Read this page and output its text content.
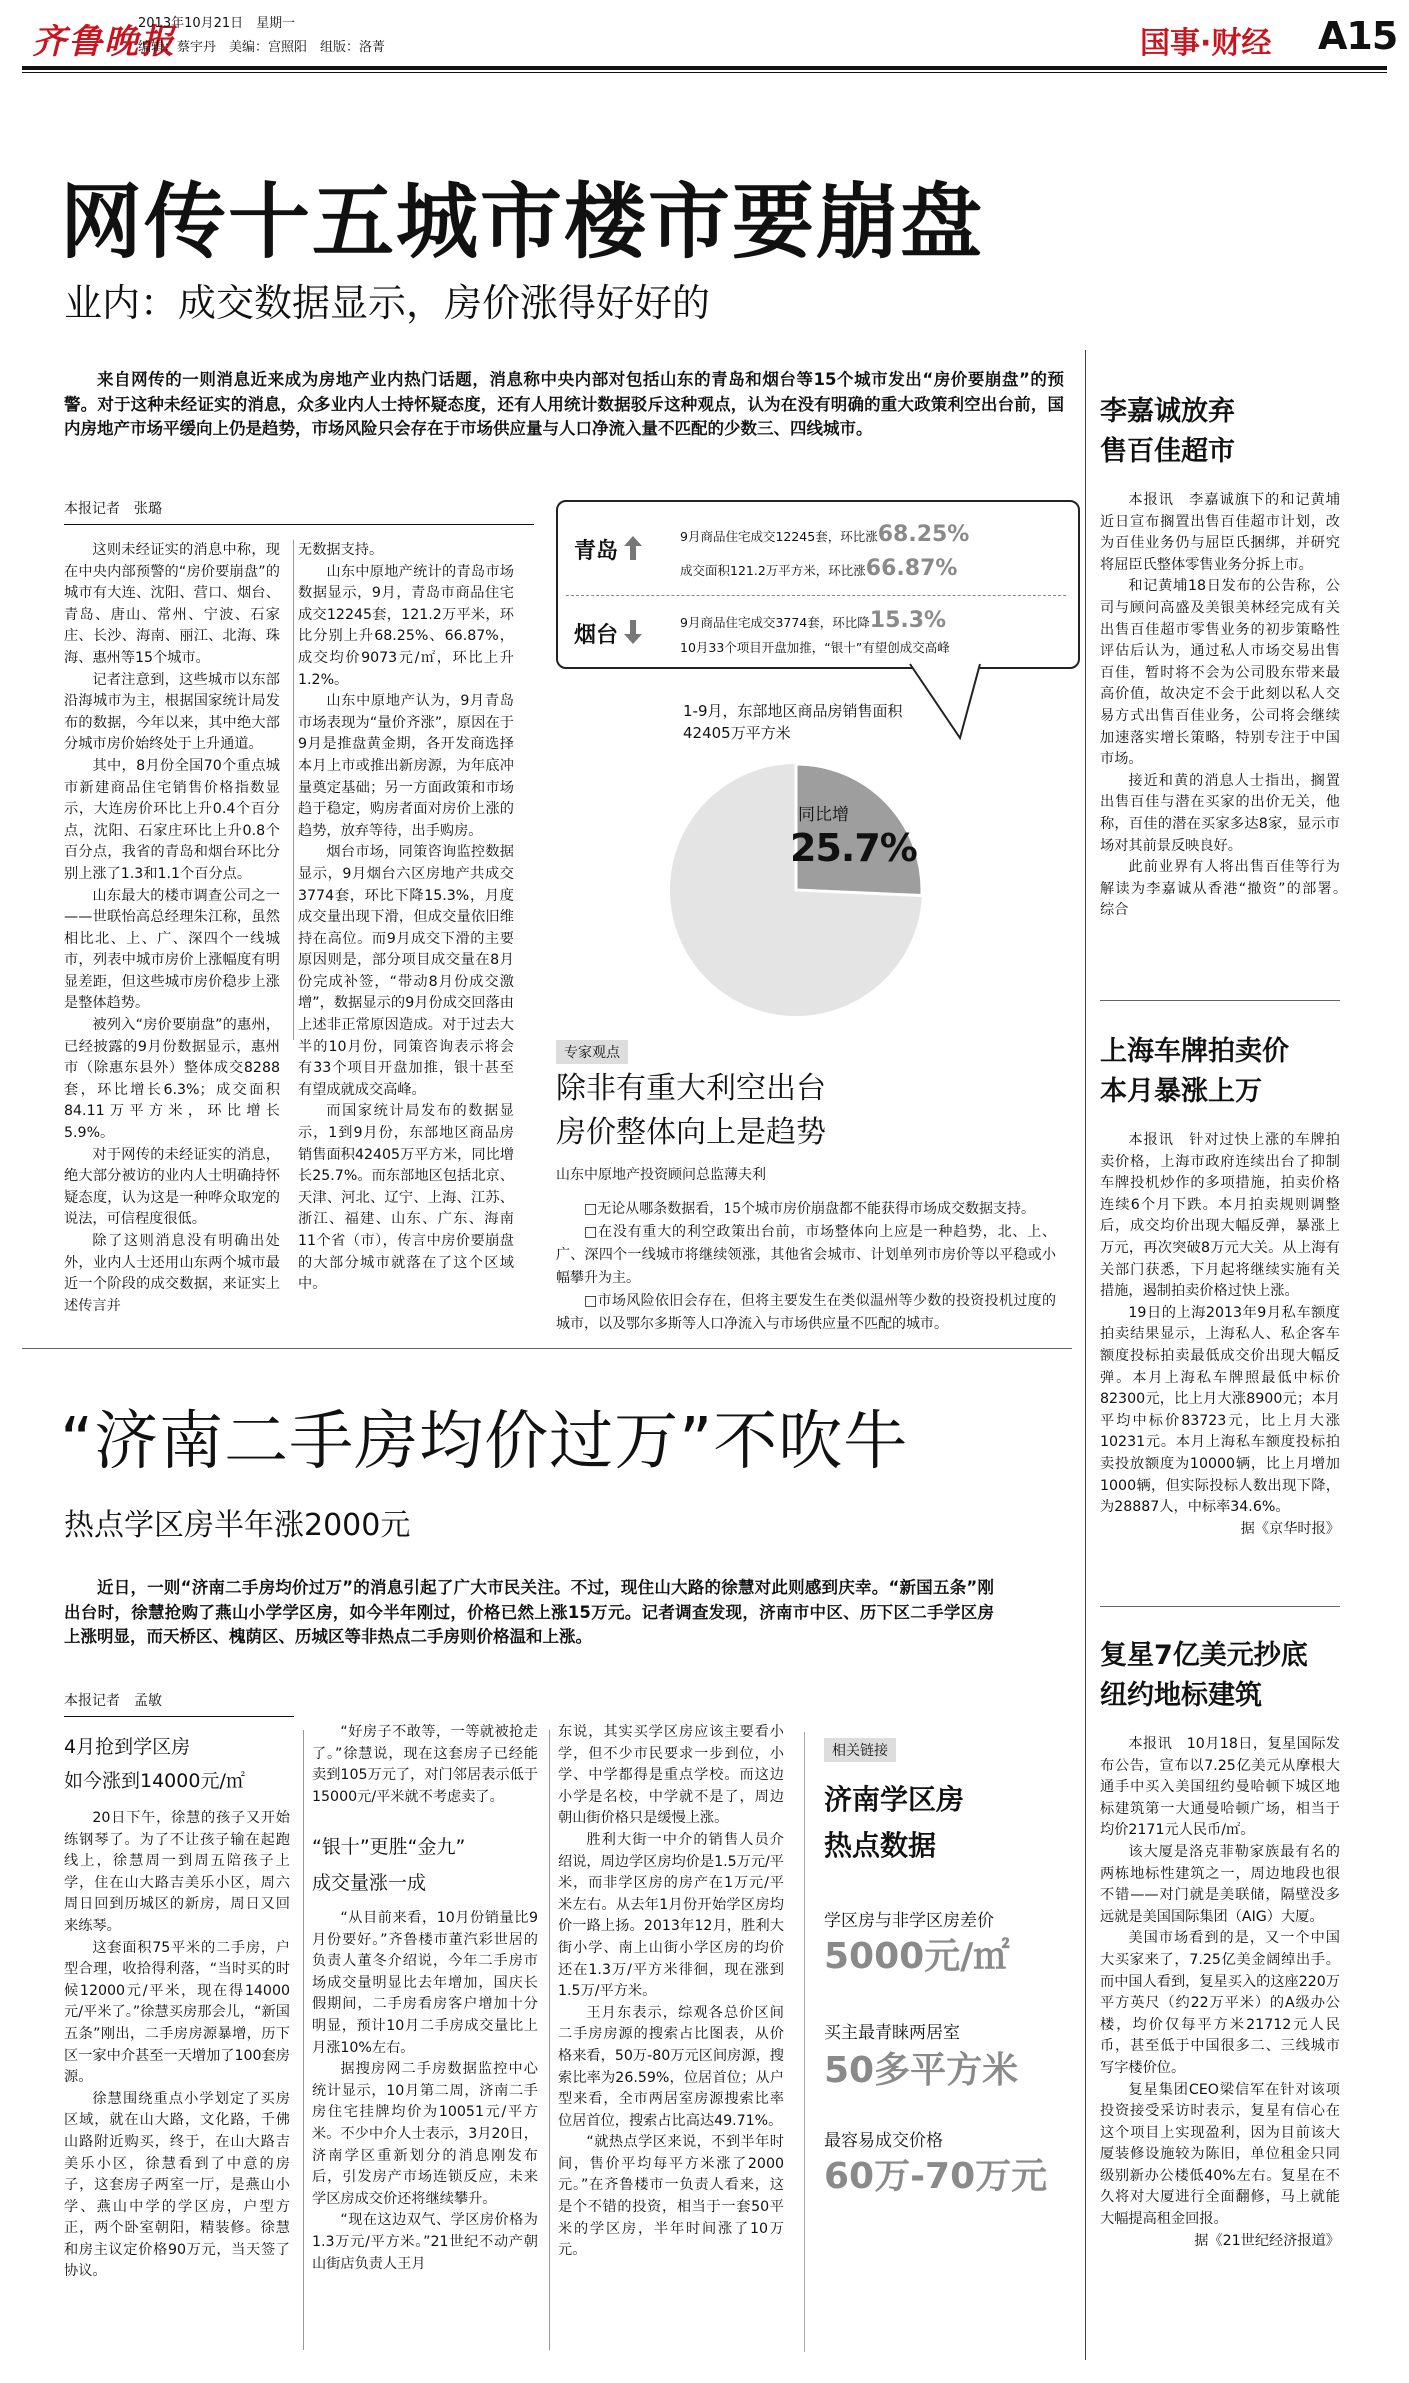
齐鲁晚报
2013年10月21日　星期一
编辑：蔡宇丹　美编：宫照阳　组版：洛菁	国事·财经 A15
网传十五城市楼市要崩盘
业内：成交数据显示，房价涨得好好的

来自网传的一则消息近来成为房地产业内热门话题，消息称中央内部对包括山东的青岛和烟台等15个城市发出“房价要崩盘”的预警。对于这种未经证实的消息，众多业内人士持怀疑态度，还有人用统计数据驳斥这种观点，认为在没有明确的重大政策利空出台前，国内房地产市场平缓向上仍是趋势，市场风险只会存在于市场供应量与人口净流入量不匹配的少数三、四线城市。

本报记者　张璐

这则未经证实的消息中称，现在中央内部预警的“房价要崩盘”的城市有大连、沈阳、营口、烟台、青岛、唐山、常州、宁波、石家庄、长沙、海南、丽江、北海、珠海、惠州等15个城市。

记者注意到，这些城市以东部沿海城市为主，根据国家统计局发布的数据，今年以来，其中绝大部分城市房价始终处于上升通道。

其中，8月份全国70个重点城市新建商品住宅销售价格指数显示，大连房价环比上升0.4个百分点，沈阳、石家庄环比上升0.8个百分点，我省的青岛和烟台环比分别上涨了1.3和1.1个百分点。

山东最大的楼市调查公司之一——世联怡高总经理朱江称，虽然相比北、上、广、深四个一线城市，列表中城市房价上涨幅度有明显差距，但这些城市房价稳步上涨是整体趋势。

被列入“房价要崩盘”的惠州，已经披露的9月份数据显示，惠州市（除惠东县外）整体成交8288套，环比增长6.3%；成交面积84.11万平方米，环比增长5.9%。

对于网传的未经证实的消息，绝大部分被访的业内人士明确持怀疑态度，认为这是一种哗众取宠的说法，可信程度很低。

除了这则消息没有明确出处外，业内人士还用山东两个城市最近一个阶段的成交数据，来证实上述传言并

无数据支持。

山东中原地产统计的青岛市场数据显示，9月，青岛市商品住宅成交12245套，121.2万平米，环比分别上升68.25%、66.87%，成交均价9073元/㎡，环比上升1.2%。

山东中原地产认为，9月青岛市场表现为“量价齐涨”，原因在于9月是推盘黄金期，各开发商选择本月上市或推出新房源，为年底冲量奠定基础；另一方面政策和市场趋于稳定，购房者面对房价上涨的趋势，放弃等待，出手购房。

烟台市场，同策咨询监控数据显示，9月烟台六区房地产共成交3774套，环比下降15.3%，月度成交量出现下滑，但成交量依旧维持在高位。而9月成交下滑的主要原因则是，部分项目成交量在8月份完成补签，“带动8月份成交激增”，数据显示的9月份成交回落由上述非正常原因造成。对于过去大半的10月份，同策咨询表示将会有33个项目开盘加推，银十甚至有望成就成交高峰。

而国家统计局发布的数据显示，1到9月份，东部地区商品房销售面积42405万平方米，同比增长25.7%。而东部地区包括北京、天津、河北、辽宁、上海、江苏、浙江、福建、山东、广东、海南11个省（市），传言中房价要崩盘的大部分城市就落在了这个区域中。

青岛
9月商品住宅成交12245套，环比涨68.25%
成交面积121.2万平方米，环比涨66.87%
烟台
9月商品住宅成交3774套，环比降15.3%
10月33个项目开盘加推，“银十”有望创成交高峰
1-9月，东部地区商品房销售面积42405万平方米
同比增
25.7%
专家观点
除非有重大利空出台
房价整体向上是趋势
山东中原地产投资顾问总监薄夫利

□无论从哪条数据看，15个城市房价崩盘都不能获得市场成交数据支持。

□在没有重大的利空政策出台前，市场整体向上应是一种趋势，北、上、广、深四个一线城市将继续领涨，其他省会城市、计划单列市房价等以平稳或小幅攀升为主。

□市场风险依旧会存在，但将主要发生在类似温州等少数的投资投机过度的城市，以及鄂尔多斯等人口净流入与市场供应量不匹配的城市。

“济南二手房均价过万”不吹牛
热点学区房半年涨2000元

近日，一则“济南二手房均价过万”的消息引起了广大市民关注。不过，现住山大路的徐慧对此则感到庆幸。“新国五条”刚出台时，徐慧抢购了燕山小学学区房，如今半年刚过，价格已然上涨15万元。记者调查发现，济南市中区、历下区二手学区房上涨明显，而天桥区、槐荫区、历城区等非热点二手房则价格温和上涨。

本报记者　孟敏
4月抢到学区房
如今涨到14000元/㎡

20日下午，徐慧的孩子又开始练钢琴了。为了不让孩子输在起跑线上，徐慧周一到周五陪孩子上学，住在山大路吉美乐小区，周六周日回到历城区的新房，周日又回来练琴。

这套面积75平米的二手房，户型合理，收拾得利落，“当时买的时候12000元/平米，现在得14000元/平米了。”徐慧买房那会儿，“新国五条”刚出，二手房房源暴增，历下区一家中介甚至一天增加了100套房源。

徐慧围绕重点小学划定了买房区域，就在山大路，文化路，千佛山路附近购买，终于，在山大路吉美乐小区，徐慧看到了中意的房子，这套房子两室一厅，是燕山小学、燕山中学的学区房，户型方正，两个卧室朝阳，精装修。徐慧和房主议定价格90万元，当天签了协议。

“好房子不敢等，一等就被抢走了。”徐慧说，现在这套房子已经能卖到105万元了，对门邻居表示低于15000元/平米就不考虑卖了。

“银十”更胜“金九”
成交量涨一成

“从目前来看，10月份销量比9月份要好。”齐鲁楼市董汽彩世居的负责人董冬介绍说，今年二手房市场成交量明显比去年增加，国庆长假期间，二手房看房客户增加十分明显，预计10月二手房成交量比上月涨10%左右。

据搜房网二手房数据监控中心统计显示，10月第二周，济南二手房住宅挂牌均价为10051元/平方米。不少中介人士表示，3月20日，济南学区重新划分的消息刚发布后，引发房产市场连锁反应，未来学区房成交价还将继续攀升。

“现在这边双气、学区房价格为1.3万元/平方米。”21世纪不动产朝山街店负责人王月

东说，其实买学区房应该主要看小学，但不少市民要求一步到位，小学、中学都得是重点学校。而这边小学是名校，中学就不是了，周边朝山街价格只是缓慢上涨。

胜利大街一中介的销售人员介绍说，周边学区房均价是1.5万元/平米，而非学区房的房产在1万元/平米左右。从去年1月份开始学区房均价一路上扬。2013年12月，胜利大街小学、南上山街小学区房的均价还在1.3万/平方米徘徊，现在涨到1.5万/平方米。

王月东表示，综观各总价区间二手房房源的搜索占比图表，从价格来看，50万-80万元区间房源，搜索比率为26.59%，位居首位；从户型来看，全市两居室房源搜索比率位居首位，搜索占比高达49.71%。

“就热点学区来说，不到半年时间，售价平均每平方米涨了2000元。”在齐鲁楼市一负责人看来，这是个不错的投资，相当于一套50平米的学区房，半年时间涨了10万元。

相关链接
济南学区房
热点数据
学区房与非学区房差价
5000元/㎡
买主最青睐两居室
50多平方米
最容易成交价格
60万-70万元
李嘉诚放弃
售百佳超市

本报讯　李嘉诚旗下的和记黄埔近日宣布搁置出售百佳超市计划，改为百佳业务仍与屈臣氏捆绑，并研究将屈臣氏整体零售业务分拆上市。

和记黄埔18日发布的公告称，公司与顾问高盛及美银美林经完成有关出售百佳超市零售业务的初步策略性评估后认为，通过私人市场交易出售百佳，暂时将不会为公司股东带来最高价值，故决定不会于此刻以私人交易方式出售百佳业务，公司将会继续加速落实增长策略，特别专注于中国市场。

接近和黄的消息人士指出，搁置出售百佳与潜在买家的出价无关，他称，百佳的潜在买家多达8家，显示市场对其前景反映良好。

此前业界有人将出售百佳等行为解读为李嘉诚从香港“撤资”的部署。　　　综合

上海车牌拍卖价
本月暴涨上万

本报讯　针对过快上涨的车牌拍卖价格，上海市政府连续出台了抑制车牌投机炒作的多项措施，拍卖价格连续6个月下跌。本月拍卖规则调整后，成交均价出现大幅反弹，暴涨上万元，再次突破8万元大关。从上海有关部门获悉，下月起将继续实施有关措施，遏制拍卖价格过快上涨。

19日的上海2013年9月私车额度拍卖结果显示，上海私人、私企客车额度投标拍卖最低成交价出现大幅反弹。本月上海私车牌照最低中标价82300元，比上月大涨8900元；本月平均中标价83723元，比上月大涨10231元。本月上海私车额度投标拍卖投放额度为10000辆，比上月增加1000辆，但实际投标人数出现下降，为28887人，中标率34.6%。

据《京华时报》

复星7亿美元抄底
纽约地标建筑

本报讯　10月18日，复星国际发布公告，宣布以7.25亿美元从摩根大通手中买入美国纽约曼哈顿下城区地标建筑第一大通曼哈顿广场，相当于均价2171元人民币/㎡。

该大厦是洛克菲勒家族最有名的两栋地标性建筑之一，周边地段也很不错——对门就是美联储，隔壁没多远就是美国国际集团（AIG）大厦。

美国市场看到的是，又一个中国大买家来了，7.25亿美金阔绰出手。而中国人看到，复星买入的这座220万平方英尺（约22万平米）的A级办公楼，均价仅每平方米21712元人民币，甚至低于中国很多二、三线城市写字楼价位。

复星集团CEO梁信军在针对该项投资接受采访时表示，复星有信心在这个项目上实现盈利，因为目前该大厦装修设施较为陈旧，单位租金只同级别新办公楼低40%左右。复星在不久将对大厦进行全面翻修，马上就能大幅提高租金回报。

据《21世纪经济报道》
